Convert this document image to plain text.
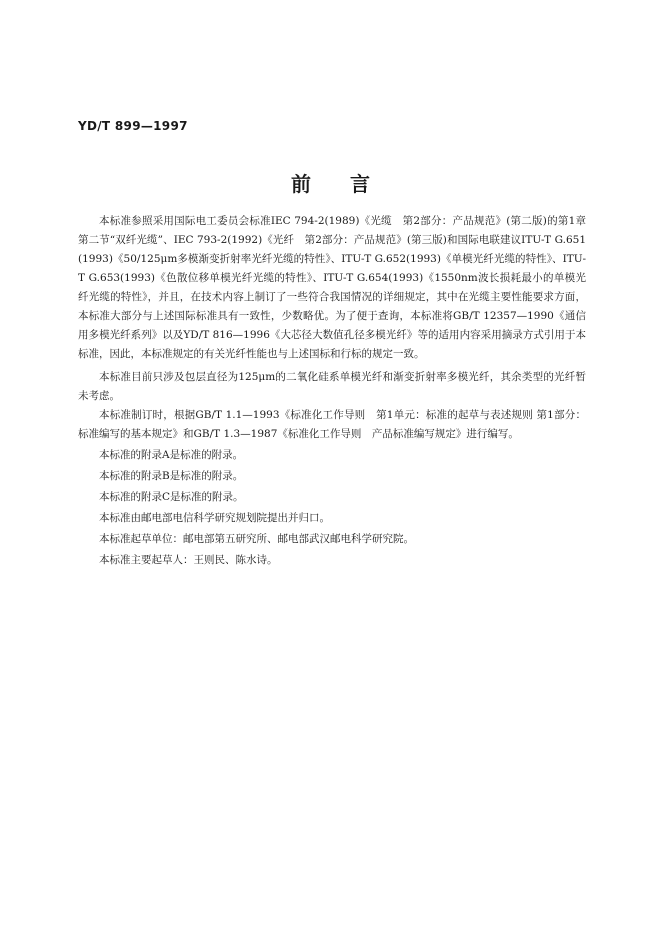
YD/T 899—1997
前 言

本标准参照采用国际电工委员会标准IEC 794-2(1989)《光缆　第2部分：产品规范》(第二版)的第1章第二节“双纤光缆”、IEC 793-2(1992)《光纤　第2部分：产品规范》(第三版)和国际电联建议ITU-T G.651(1993)《50/125μm多模渐变折射率光纤光缆的特性》、ITU-T G.652(1993)《单模光纤光缆的特性》、ITU-T G.653(1993)《色散位移单模光纤光缆的特性》、ITU-T G.654(1993)《1550nm波长损耗最小的单模光纤光缆的特性》，并且，在技术内容上制订了一些符合我国情况的详细规定，其中在光缆主要性能要求方面，本标准大部分与上述国际标准具有一致性，少数略优。为了便于查询，本标准将GB/T 12357—1990《通信用多模光纤系列》以及YD/T 816—1996《大芯径大数值孔径多模光纤》等的适用内容采用摘录方式引用于本标准，因此，本标准规定的有关光纤性能也与上述国标和行标的规定一致。

本标准目前只涉及包层直径为125μm的二氧化硅系单模光纤和渐变折射率多模光纤，其余类型的光纤暂未考虑。

本标准制订时，根据GB/T 1.1—1993《标准化工作导则　第1单元：标准的起草与表述规则 第1部分：标准编写的基本规定》和GB/T 1.3—1987《标准化工作导则　产品标准编写规定》进行编写。

本标准的附录A是标准的附录。

本标准的附录B是标准的附录。

本标准的附录C是标准的附录。

本标准由邮电部电信科学研究规划院提出并归口。

本标准起草单位：邮电部第五研究所、邮电部武汉邮电科学研究院。

本标准主要起草人：王则民、陈水诗。
